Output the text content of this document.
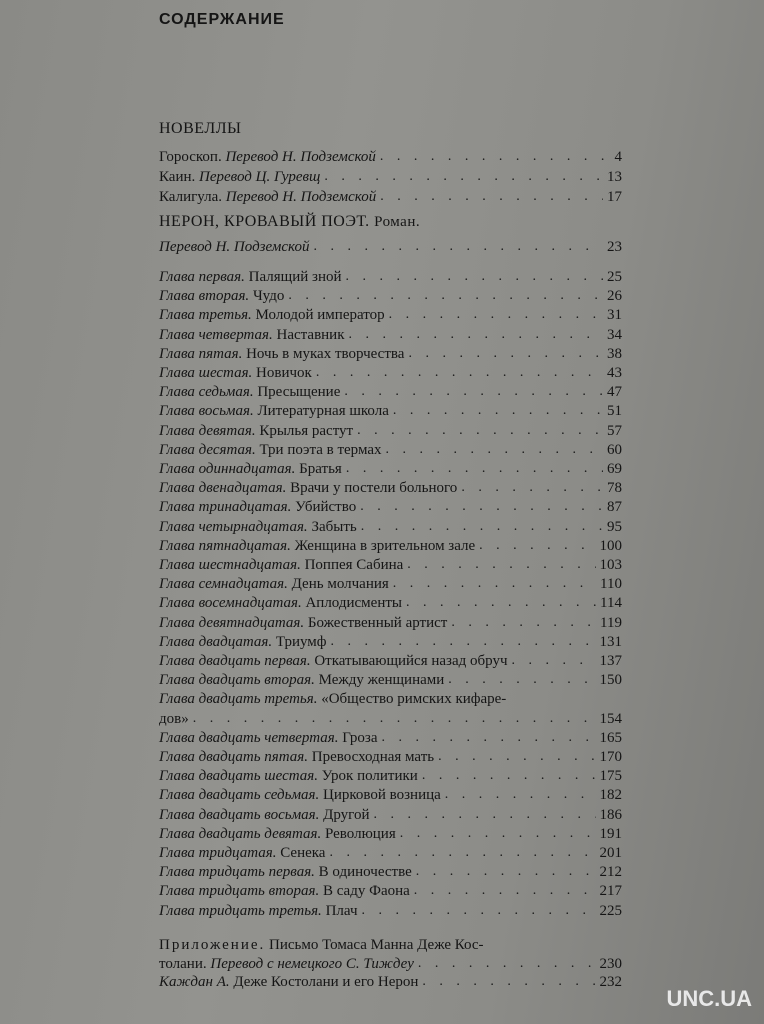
СОДЕРЖАНИЕ
НОВЕЛЛЫ
Гороскоп. Перевод Н. Подземской . . .	4
Каин. Перевод Ц. Гуревщ . . .	13
Калигула. Перевод Н. Подземской . . .	17
НЕРОН, КРОВАВЫЙ ПОЭТ. Роман.
Перевод Н. Подземской . . .	23
Глава первая. Палящий зной . . .	25
Глава вторая. Чудо . . .	26
Глава третья. Молодой император . . .	31
Глава четвертая. Наставник . . .	34
Глава пятая. Ночь в муках творчества . . .	38
Глава шестая. Новичок . . .	43
Глава седьмая. Пресыщение . . .	47
Глава восьмая. Литературная школа . . .	51
Глава девятая. Крылья растут . . .	57
Глава десятая. Три поэта в термах . . .	60
Глава одиннадцатая. Братья . . .	69
Глава двенадцатая. Врачи у постели больного . . .	78
Глава тринадцатая. Убийство . . .	87
Глава четырнадцатая. Забыть . . .	95
Глава пятнадцатая. Женщина в зрительном зале . . .	100
Глава шестнадцатая. Поппея Сабина . . .	103
Глава семнадцатая. День молчания . . .	110
Глава восемнадцатая. Аплодисменты . . .	114
Глава девятнадцатая. Божественный артист . . .	119
Глава двадцатая. Триумф . . .	131
Глава двадцать первая. Откатывающийся назад обруч . . .	137
Глава двадцать вторая. Между женщинами . . .	150
Глава двадцать третья. «Общество римских кифаре-
дов» . . .	154
Глава двадцать четвертая. Гроза . . .	165
Глава двадцать пятая. Превосходная мать . . .	170
Глава двадцать шестая. Урок политики . . .	175
Глава двадцать седьмая. Цирковой возница . . .	182
Глава двадцать восьмая. Другой . . .	186
Глава двадцать девятая. Революция . . .	191
Глава тридцатая. Сенека . . .	201
Глава тридцать первая. В одиночестве . . .	212
Глава тридцать вторая. В саду Фаона . . .	217
Глава тридцать третья. Плач . . .	225
Приложение. Письмо Томаса Манна Деже Кос-
толани. Перевод с немецкого С. Тиждеу . . .	230
Каждан А. Деже Костолани и его Нерон . . .	232
UNC.UA
